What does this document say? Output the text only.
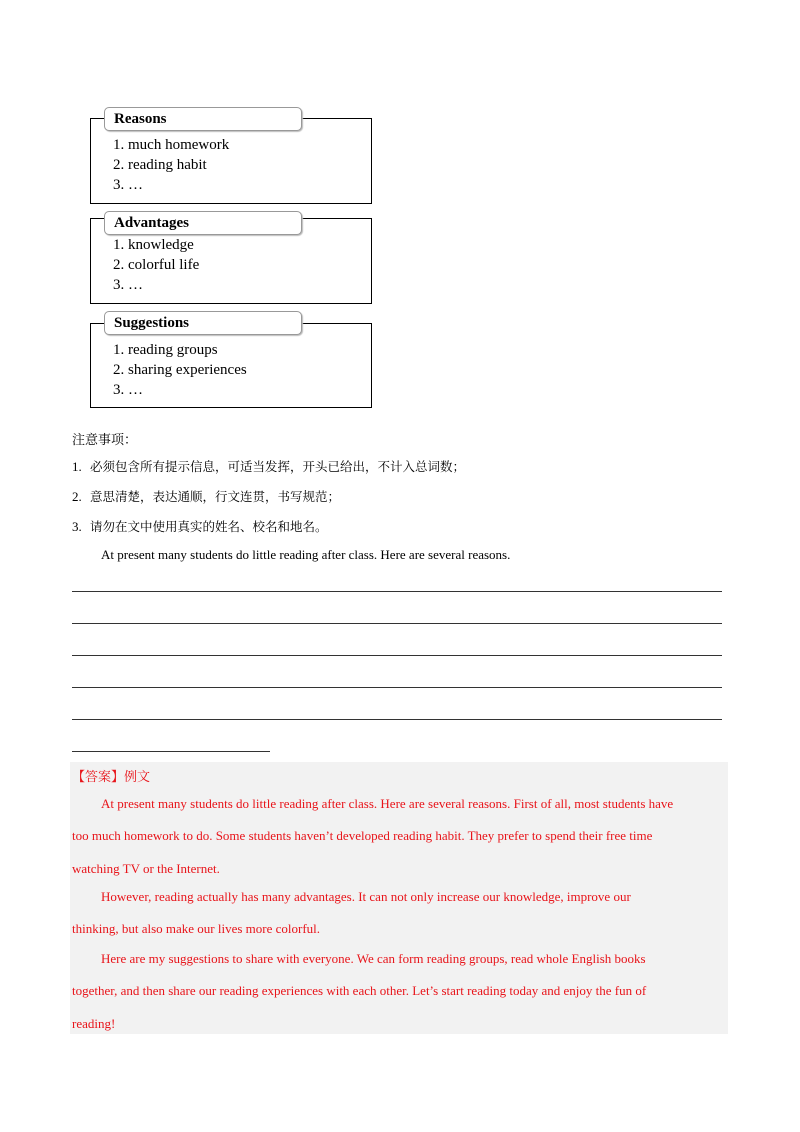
1. much homework
2. reading habit
3. …
Reasons
1. knowledge
2. colorful life
3. …
Advantages
1. reading groups
2. sharing experiences
3. …
Suggestions
注意事项：
1. 必须包含所有提示信息，可适当发挥，开头已给出，不计入总词数；
2. 意思清楚，表达通顺，行文连贯，书写规范；
3. 请勿在文中使用真实的姓名、校名和地名。
At present many students do little reading after class. Here are several reasons.
【答案】例文
At present many students do little reading after class. Here are several reasons. First of all, most students have
too much homework to do. Some students haven’t developed reading habit. They prefer to spend their free time
watching TV or the Internet.
However, reading actually has many advantages. It can not only increase our knowledge, improve our
thinking, but also make our lives more colorful.
Here are my suggestions to share with everyone. We can form reading groups, read whole English books
together, and then share our reading experiences with each other. Let’s start reading today and enjoy the fun of
reading!
